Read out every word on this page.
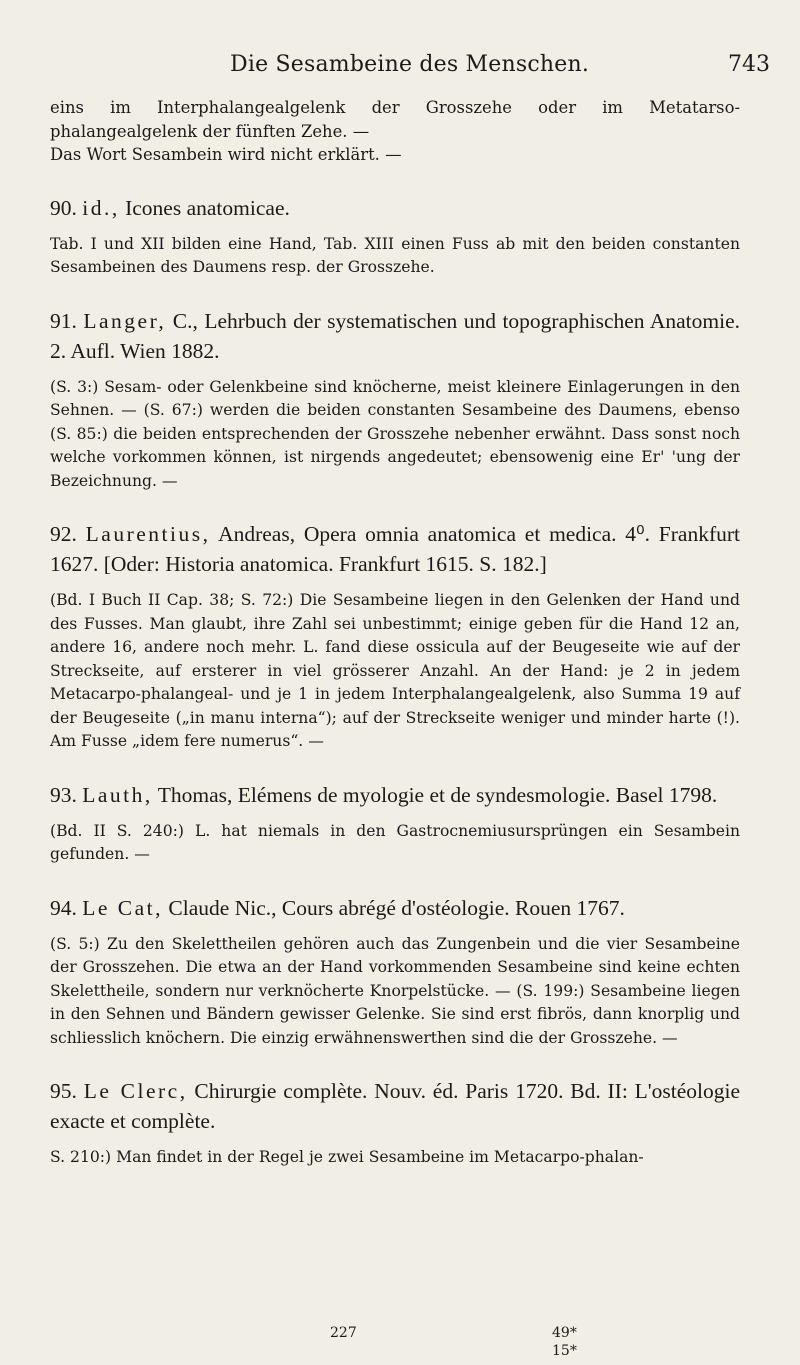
Die Sesambeine des Menschen.	743

eins im Interphalangealgelenk der Grosszehe oder im Metatarso-phalangealgelenk der fünften Zehe. —

Das Wort Sesambein wird nicht erklärt. —

90. id., Icones anatomicae.

Tab. I und XII bilden eine Hand, Tab. XIII einen Fuss ab mit den beiden constanten Sesambeinen des Daumens resp. der Grosszehe.

91. Langer, C., Lehrbuch der systematischen und topographischen Anatomie. 2. Aufl. Wien 1882.

(S. 3:) Sesam- oder Gelenkbeine sind knöcherne, meist kleinere Einlagerungen in den Sehnen. — (S. 67:) werden die beiden constanten Sesambeine des Daumens, ebenso (S. 85:) die beiden entsprechenden der Grosszehe nebenher erwähnt. Dass sonst noch welche vorkommen können, ist nirgends angedeutet; ebensowenig eine Er' 'ung der Bezeichnung. —

92. Laurentius, Andreas, Opera omnia anatomica et medica. 4⁰. Frankfurt 1627. [Oder: Historia anatomica. Frankfurt 1615. S. 182.]

(Bd. I Buch II Cap. 38; S. 72:) Die Sesambeine liegen in den Gelenken der Hand und des Fusses. Man glaubt, ihre Zahl sei unbestimmt; einige geben für die Hand 12 an, andere 16, andere noch mehr. L. fand diese ossicula auf der Beugeseite wie auf der Streckseite, auf ersterer in viel grösserer Anzahl. An der Hand: je 2 in jedem Metacarpo-phalangeal- und je 1 in jedem Interphalangealgelenk, also Summa 19 auf der Beugeseite („in manu interna“); auf der Streckseite weniger und minder harte (!). Am Fusse „idem fere numerus“. —

93. Lauth, Thomas, Elémens de myologie et de syndesmologie. Basel 1798.

(Bd. II S. 240:) L. hat niemals in den Gastrocnemiusursprüngen ein Sesambein gefunden. —

94. Le Cat, Claude Nic., Cours abrégé d'ostéologie. Rouen 1767.

(S. 5:) Zu den Skelettheilen gehören auch das Zungenbein und die vier Sesambeine der Grosszehen. Die etwa an der Hand vorkommenden Sesambeine sind keine echten Skelettheile, sondern nur verknöcherte Knorpelstücke. — (S. 199:) Sesambeine liegen in den Sehnen und Bändern gewisser Gelenke. Sie sind erst fibrös, dann knorplig und schliesslich knöchern. Die einzig erwähnenswerthen sind die der Grosszehe. —

95. Le Clerc, Chirurgie complète. Nouv. éd. Paris 1720. Bd. II: L'ostéologie exacte et complète.

S. 210:) Man findet in der Regel je zwei Sesambeine im Metacarpo-phalan-

227	49*
15*
